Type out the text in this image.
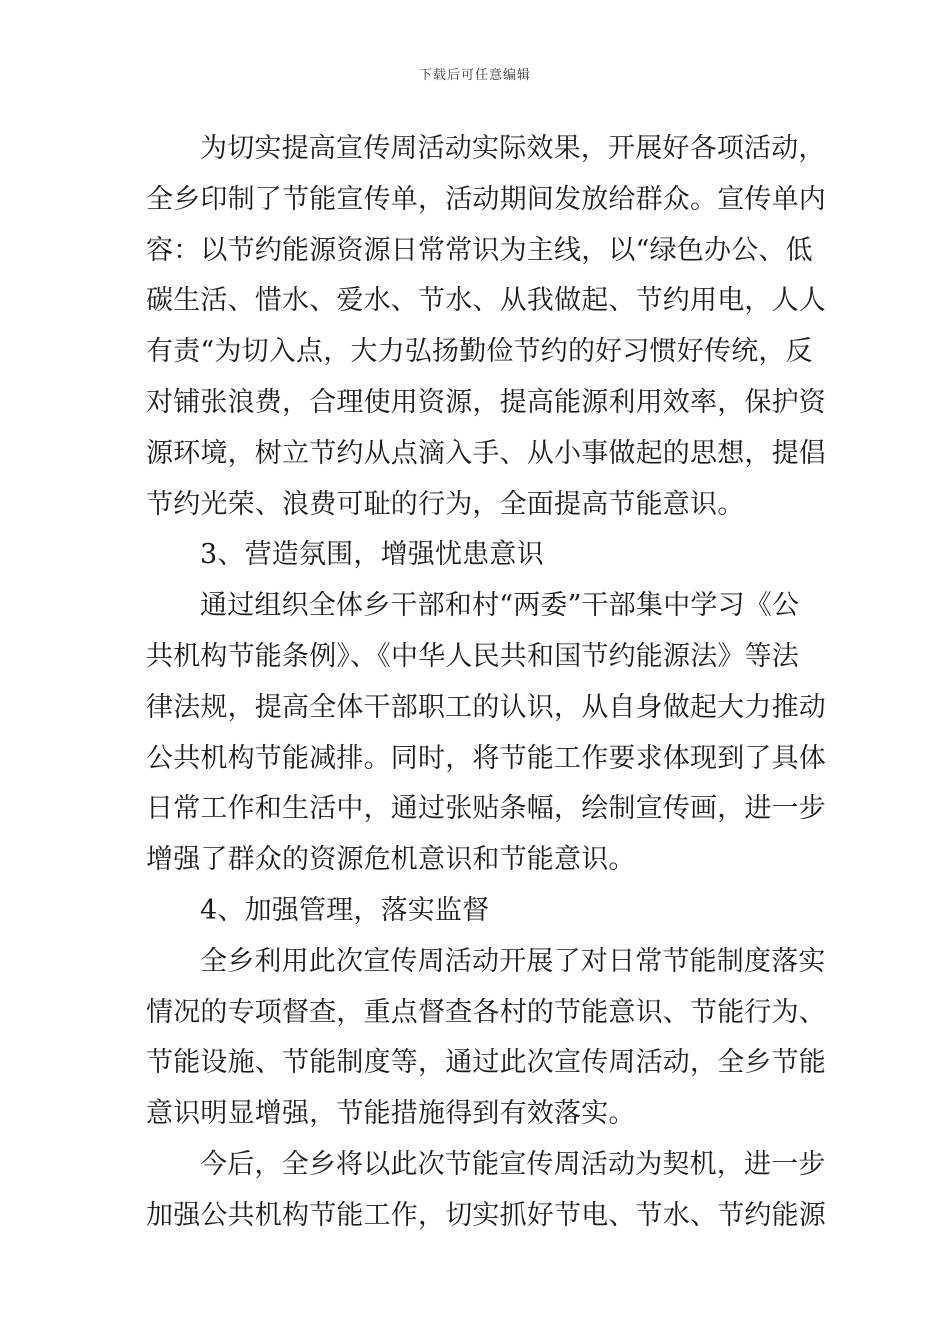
下载后可任意编辑
为切实提高宣传周活动实际效果，开展好各项活动，
全乡印制了节能宣传单，活动期间发放给群众。宣传单内
容：以节约能源资源日常常识为主线，以“绿色办公、低
碳生活、惜水、爱水、节水、从我做起、节约用电，人人
有责“为切入点，大力弘扬勤俭节约的好习惯好传统，反
对铺张浪费，合理使用资源，提高能源利用效率，保护资
源环境，树立节约从点滴入手、从小事做起的思想，提倡
节约光荣、浪费可耻的行为，全面提高节能意识。
3、营造氛围，增强忧患意识
通过组织全体乡干部和村“两委”干部集中学习《公
共机构节能条例》、《中华人民共和国节约能源法》等法
律法规，提高全体干部职工的认识，从自身做起大力推动
公共机构节能减排。同时，将节能工作要求体现到了具体
日常工作和生活中，通过张贴条幅，绘制宣传画，进一步
增强了群众的资源危机意识和节能意识。
4、加强管理，落实监督
全乡利用此次宣传周活动开展了对日常节能制度落实
情况的专项督查，重点督查各村的节能意识、节能行为、
节能设施、节能制度等，通过此次宣传周活动，全乡节能
意识明显增强，节能措施得到有效落实。
今后，全乡将以此次节能宣传周活动为契机，进一步
加强公共机构节能工作，切实抓好节电、节水、节约能源
